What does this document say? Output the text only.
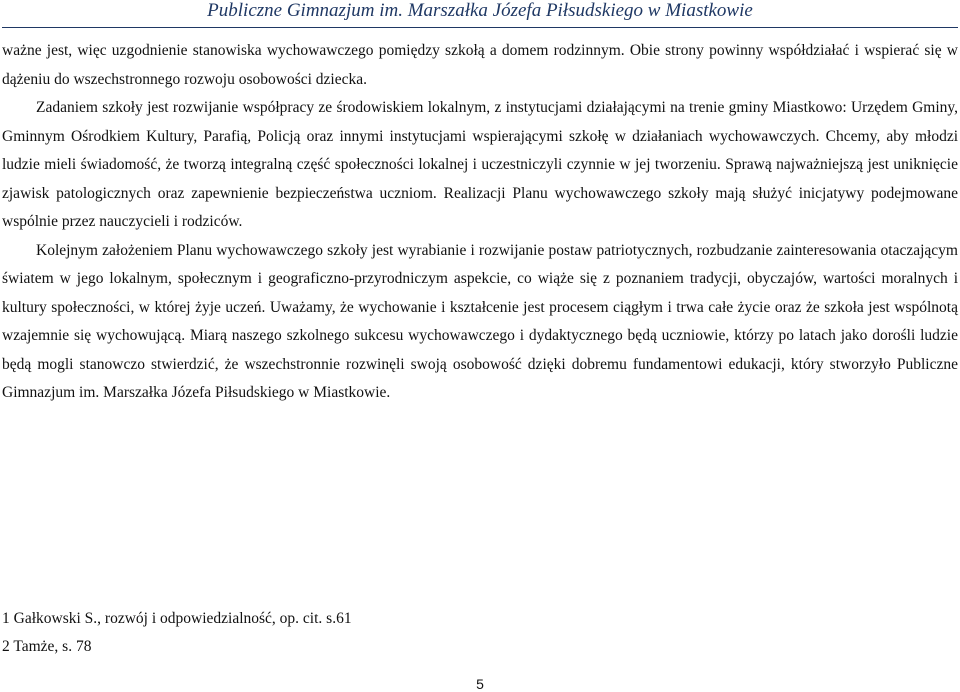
Publiczne Gimnazjum im. Marszałka Józefa Piłsudskiego w Miastkowie

ważne jest, więc uzgodnienie stanowiska wychowawczego pomiędzy szkołą a domem rodzinnym. Obie strony powinny współdziałać i wspierać się w dążeniu do wszechstronnego rozwoju osobowości dziecka.

Zadaniem szkoły jest rozwijanie współpracy ze środowiskiem lokalnym, z instytucjami działającymi na trenie gminy Miastkowo: Urzędem Gminy, Gminnym Ośrodkiem Kultury, Parafią, Policją oraz innymi instytucjami wspierającymi szkołę w działaniach wychowawczych. Chcemy, aby młodzi ludzie mieli świadomość, że tworzą integralną część społeczności lokalnej i uczestniczyli czynnie w jej tworzeniu. Sprawą najważniejszą jest uniknięcie zjawisk patologicznych oraz zapewnienie bezpieczeństwa uczniom. Realizacji Planu wychowawczego szkoły mają służyć inicjatywy podejmowane wspólnie przez nauczycieli i rodziców.

Kolejnym założeniem Planu wychowawczego szkoły jest wyrabianie i rozwijanie postaw patriotycznych, rozbudzanie zainteresowania otaczającym światem w jego lokalnym, społecznym i geograficzno-przyrodniczym aspekcie, co wiąże się z poznaniem tradycji, obyczajów, wartości moralnych i kultury społeczności, w której żyje uczeń. Uważamy, że wychowanie i kształcenie jest procesem ciągłym i trwa całe życie oraz że szkoła jest wspólnotą wzajemnie się wychowującą. Miarą naszego szkolnego sukcesu wychowawczego i dydaktycznego będą uczniowie, którzy po latach jako dorośli ludzie będą mogli stanowczo stwierdzić, że wszechstronnie rozwinęli swoją osobowość dzięki dobremu fundamentowi edukacji, który stworzyło Publiczne Gimnazjum im. Marszałka Józefa Piłsudskiego w Miastkowie.

1 Gałkowski S., rozwój i odpowiedzialność, op. cit. s.61

2 Tamże, s. 78

5
